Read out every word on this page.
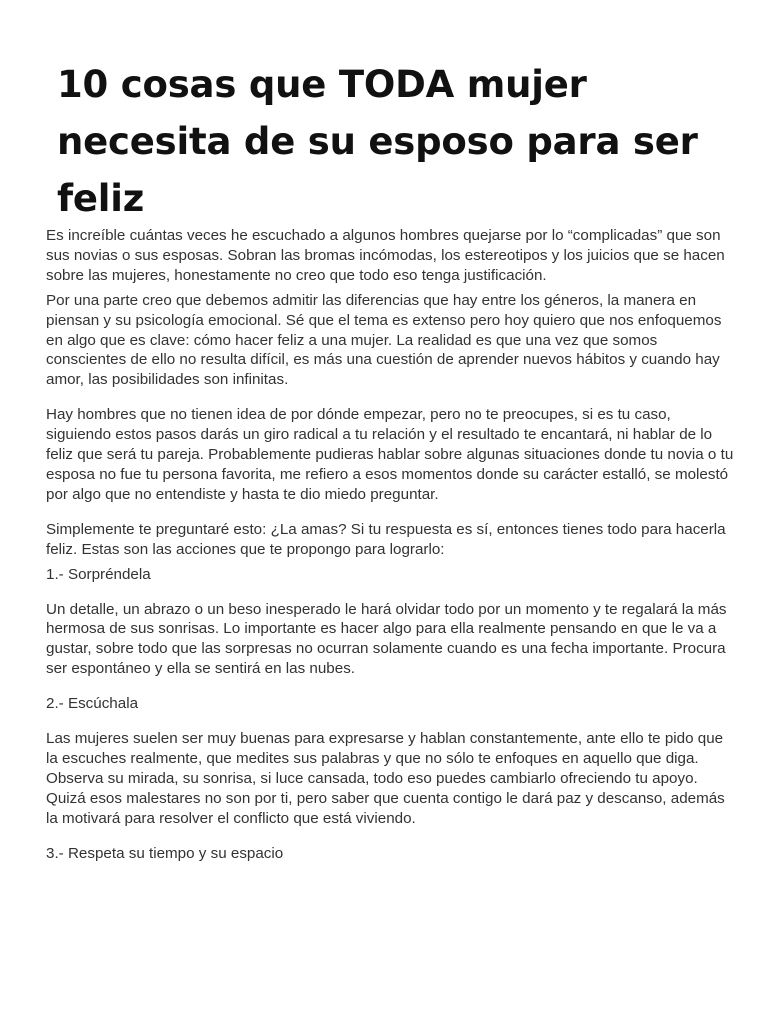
10 cosas que TODA mujer necesita de su esposo para ser feliz

Es increíble cuántas veces he escuchado a algunos hombres quejarse por lo “complicadas” que son sus novias o sus esposas. Sobran las bromas incómodas, los estereotipos y los juicios que se hacen sobre las mujeres, honestamente no creo que todo eso tenga justificación.

Por una parte creo que debemos admitir las diferencias que hay entre los géneros, la manera en piensan y su psicología emocional. Sé que el tema es extenso pero hoy quiero que nos enfoquemos en algo que es clave: cómo hacer feliz a una mujer. La realidad es que una vez que somos conscientes de ello no resulta difícil, es más una cuestión de aprender nuevos hábitos y cuando hay amor, las posibilidades son infinitas.

Hay hombres que no tienen idea de por dónde empezar, pero no te preocupes, si es tu caso, siguiendo estos pasos darás un giro radical a tu relación y el resultado te encantará, ni hablar de lo feliz que será tu pareja. Probablemente pudieras hablar sobre algunas situaciones donde tu novia o tu esposa no fue tu persona favorita, me refiero a esos momentos donde su carácter estalló, se molestó por algo que no entendiste y hasta te dio miedo preguntar.

Simplemente te preguntaré esto: ¿La amas? Si tu respuesta es sí, entonces tienes todo para hacerla feliz. Estas son las acciones que te propongo para lograrlo:

1.- Sorpréndela

Un detalle, un abrazo o un beso inesperado le hará olvidar todo por un momento y te regalará la más hermosa de sus sonrisas. Lo importante es hacer algo para ella realmente pensando en que le va a gustar, sobre todo que las sorpresas no ocurran solamente cuando es una fecha importante. Procura ser espontáneo y ella se sentirá en las nubes.

2.- Escúchala

Las mujeres suelen ser muy buenas para expresarse y hablan constantemente, ante ello te pido que la escuches realmente, que medites sus palabras y que no sólo te enfoques en aquello que diga. Observa su mirada, su sonrisa, si luce cansada, todo eso puedes cambiarlo ofreciendo tu apoyo. Quizá esos malestares no son por ti, pero saber que cuenta contigo le dará paz y descanso, además la motivará para resolver el conflicto que está viviendo.

3.- Respeta su tiempo y su espacio
